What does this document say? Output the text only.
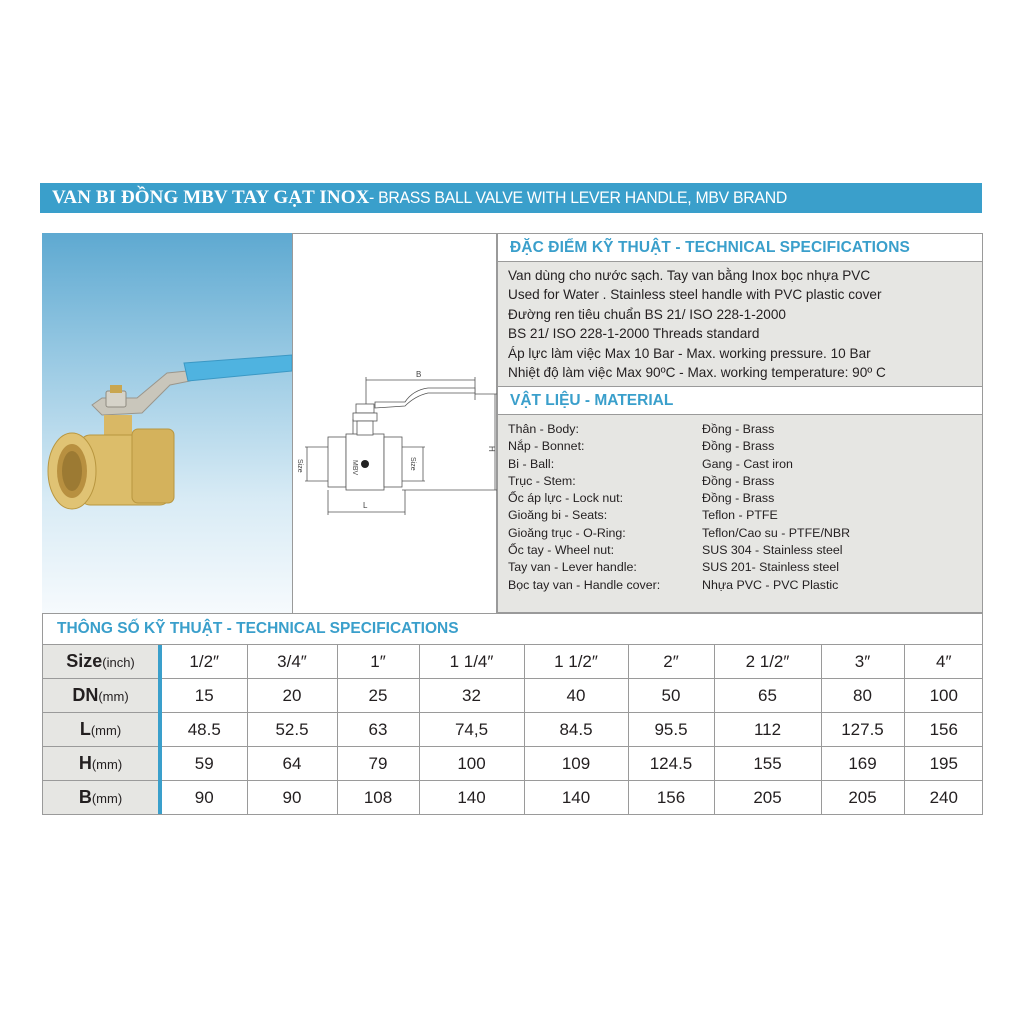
VAN BI ĐỒNG MBV TAY GẠT INOX - BRASS BALL VALVE WITH LEVER HANDLE, MBV BRAND
B
MBV
H
L
Size	Size
ĐẶC ĐIỂM KỸ THUẬT - TECHNICAL SPECIFICATIONS
Van dùng cho nước sạch. Tay van bằng Inox bọc nhựa PVC
Used for Water . Stainless steel handle with PVC plastic cover
Đường ren tiêu chuẩn BS 21/ ISO 228-1-2000
BS 21/ ISO 228-1-2000 Threads standard
Áp lực làm việc Max 10 Bar - Max. working pressure. 10 Bar
Nhiệt độ làm việc Max 90ºC - Max. working temperature: 90º C
VẬT LIỆU - MATERIAL
Thân - Body:	Đồng - Brass
Nắp - Bonnet:	Đồng - Brass
Bi - Ball:	Gang - Cast iron
Trục - Stem:	Đồng - Brass
Ốc áp lực - Lock nut:	Đồng - Brass
Gioăng bi - Seats:	Teflon - PTFE
Gioăng trục - O-Ring:	Teflon/Cao su - PTFE/NBR
Ốc tay - Wheel nut:	SUS 304 - Stainless steel
Tay van - Lever handle:	SUS 201- Stainless steel
Bọc tay van - Handle cover:	Nhựa PVC - PVC Plastic
THÔNG SỐ KỸ THUẬT - TECHNICAL SPECIFICATIONS
Size(inch)	1/2″	3/4″	1″	1 1/4″	1 1/2″	2″	2 1/2″	3″	4″
DN(mm)	15	20	25	32	40	50	65	80	100
L(mm)	48.5	52.5	63	74,5	84.5	95.5	112	127.5	156
H(mm)	59	64	79	100	109	124.5	155	169	195
B(mm)	90	90	108	140	140	156	205	205	240
